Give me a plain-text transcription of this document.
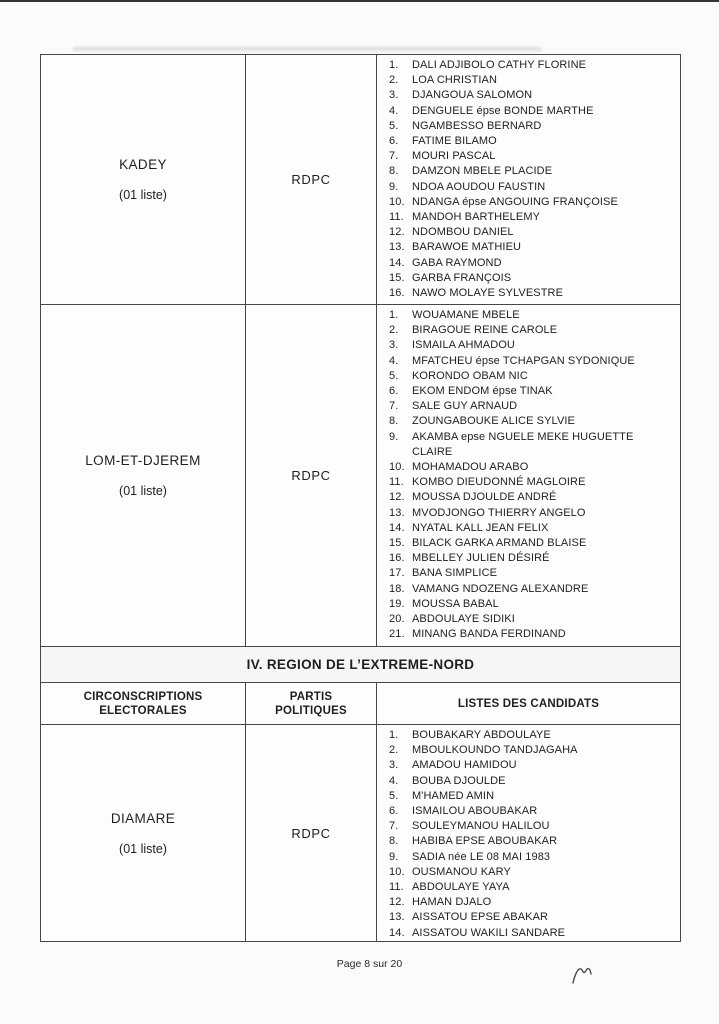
KADEY
(01 liste)
RDPC
DALI ADJIBOLO CATHY FLORINE
LOA CHRISTIAN
DJANGOUA SALOMON
DENGUELE épse BONDE MARTHE
NGAMBESSO BERNARD
FATIME BILAMO
MOURI PASCAL
DAMZON MBELE PLACIDE
NDOA AOUDOU FAUSTIN
NDANGA épse ANGOUING FRANÇOISE
MANDOH BARTHELEMY
NDOMBOU DANIEL
BARAWOE MATHIEU
GABA RAYMOND
GARBA FRANÇOIS
NAWO MOLAYE SYLVESTRE
LOM-ET-DJEREM
(01 liste)
RDPC
WOUAMANE MBELE
BIRAGOUE REINE CAROLE
ISMAILA AHMADOU
MFATCHEU épse TCHAPGAN SYDONIQUE
KORONDO OBAM NIC
EKOM ENDOM épse TINAK
SALE GUY ARNAUD
ZOUNGABOUKE ALICE SYLVIE
AKAMBA epse NGUELE MEKE HUGUETTE CLAIRE
MOHAMADOU ARABO
KOMBO DIEUDONNÉ MAGLOIRE
MOUSSA DJOULDE ANDRÉ
MVODJONGO THIERRY ANGELO
NYATAL KALL JEAN FELIX
BILACK GARKA ARMAND BLAISE
MBELLEY JULIEN DÉSIRÉ
BANA SIMPLICE
VAMANG NDOZENG ALEXANDRE
MOUSSA BABAL
ABDOULAYE SIDIKI
MINANG BANDA FERDINAND
IV. REGION DE L’EXTREME-NORD
CIRCONSCRIPTIONS ELECTORALES
PARTIS POLITIQUES
LISTES DES CANDIDATS
DIAMARE
(01 liste)
RDPC
BOUBAKARY ABDOULAYE
MBOULKOUNDO TANDJAGAHA
AMADOU HAMIDOU
BOUBA DJOULDE
M'HAMED AMIN
ISMAILOU ABOUBAKAR
SOULEYMANOU HALILOU
HABIBA EPSE ABOUBAKAR
SADIA née LE 08 MAI 1983
OUSMANOU KARY
ABDOULAYE YAYA
HAMAN DJALO
AISSATOU EPSE ABAKAR
AISSATOU WAKILI SANDARE
Page 8 sur 20
